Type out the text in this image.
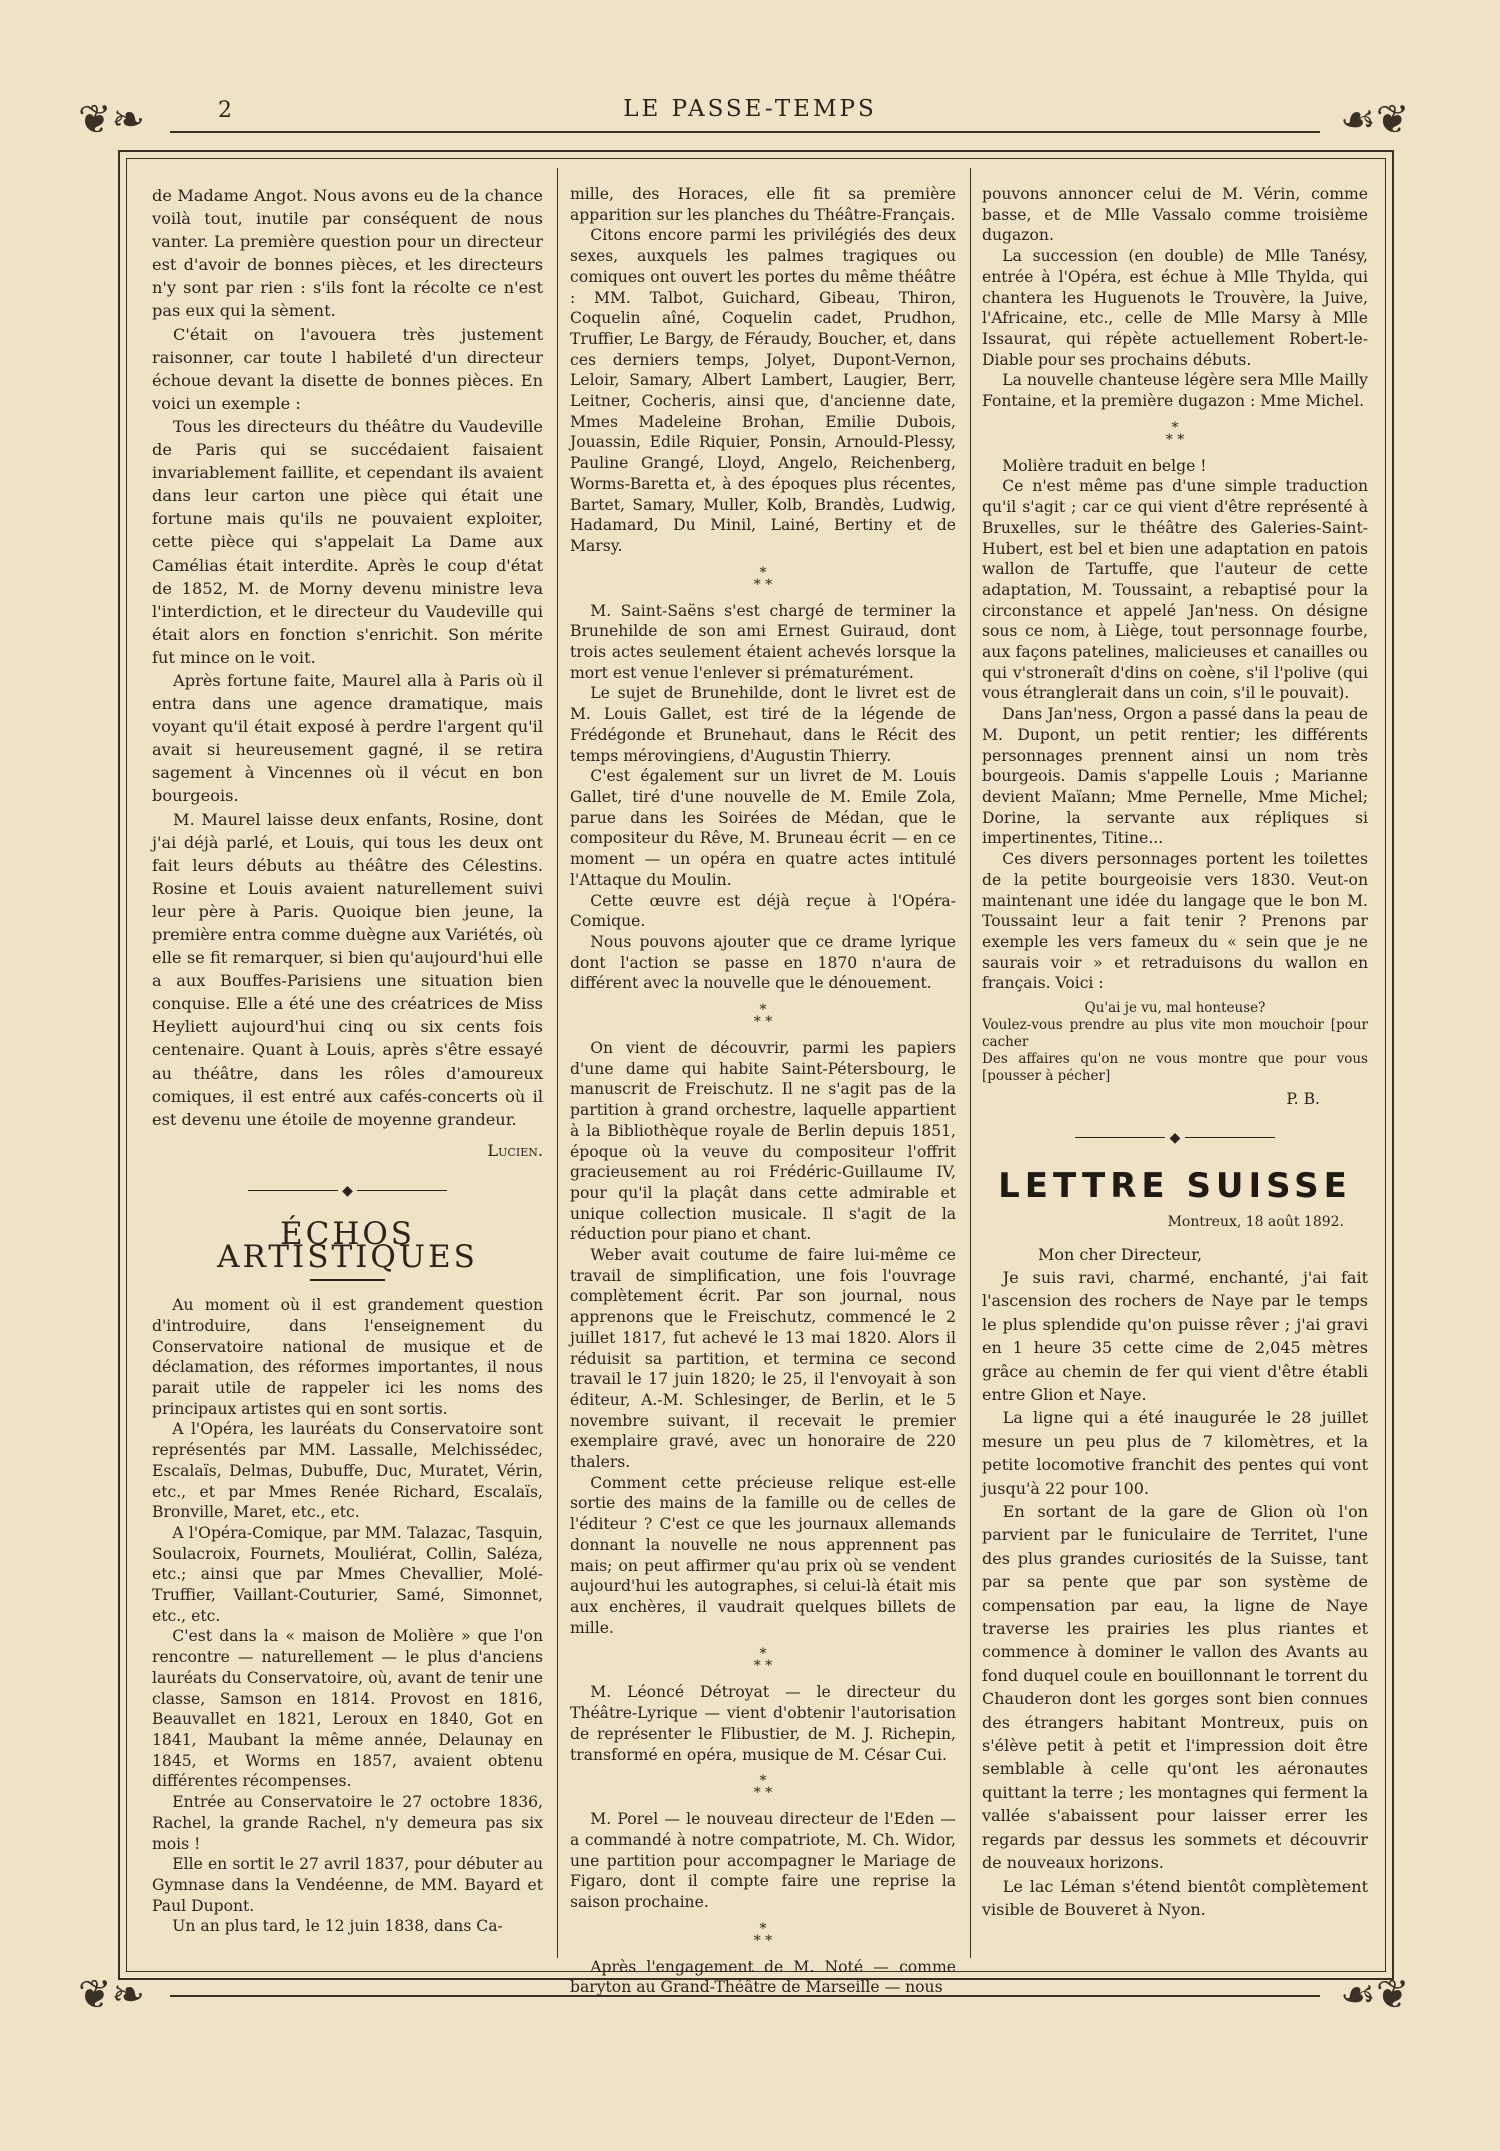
2	LE PASSE-TEMPS
❦❧	☙❦
❦❧	☙❦

de Madame Angot. Nous avons eu de la chance voilà tout, inutile par conséquent de nous vanter. La première question pour un directeur est d'avoir de bonnes pièces, et les directeurs n'y sont par rien : s'ils font la récolte ce n'est pas eux qui la sèment.

C'était on l'avouera très justement raisonner, car toute l habileté d'un directeur échoue devant la disette de bonnes pièces. En voici un exemple :

Tous les directeurs du théâtre du Vaudeville de Paris qui se succédaient faisaient invariablement faillite, et cependant ils avaient dans leur carton une pièce qui était une fortune mais qu'ils ne pouvaient exploiter, cette pièce qui s'appelait La Dame aux Camélias était interdite. Après le coup d'état de 1852, M. de Morny devenu ministre leva l'interdiction, et le directeur du Vaudeville qui était alors en fonction s'enrichit. Son mérite fut mince on le voit.

Après fortune faite, Maurel alla à Paris où il entra dans une agence dramatique, mais voyant qu'il était exposé à perdre l'argent qu'il avait si heureusement gagné, il se retira sagement à Vincennes où il vécut en bon bourgeois.

M. Maurel laisse deux enfants, Rosine, dont j'ai déjà parlé, et Louis, qui tous les deux ont fait leurs débuts au théâtre des Célestins. Rosine et Louis avaient naturellement suivi leur père à Paris. Quoique bien jeune, la première entra comme duègne aux Variétés, où elle se fit remarquer, si bien qu'aujourd'hui elle a aux Bouffes-Parisiens une situation bien conquise. Elle a été une des créatrices de Miss Heyliett aujourd'hui cinq ou six cents fois centenaire. Quant à Louis, après s'être essayé au théâtre, dans les rôles d'amoureux comiques, il est entré aux cafés-concerts où il est devenu une étoile de moyenne grandeur.

Lucien.

◆
ÉCHOS ARTISTIQUES

Au moment où il est grandement question d'introduire, dans l'enseignement du Conservatoire national de musique et de déclamation, des réformes importantes, il nous parait utile de rappeler ici les noms des principaux artistes qui en sont sortis.

A l'Opéra, les lauréats du Conservatoire sont représentés par MM. Lassalle, Melchissédec, Escalaïs, Delmas, Dubuffe, Duc, Muratet, Vérin, etc., et par Mmes Renée Richard, Escalaïs, Bronville, Maret, etc., etc.

A l'Opéra-Comique, par MM. Talazac, Tasquin, Soulacroix, Fournets, Mouliérat, Collin, Saléza, etc.; ainsi que par Mmes Chevallier, Molé-Truffier, Vaillant-Couturier, Samé, Simonnet, etc., etc.

C'est dans la « maison de Molière » que l'on rencontre — naturellement — le plus d'anciens lauréats du Conservatoire, où, avant de tenir une classe, Samson en 1814. Provost en 1816, Beauvallet en 1821, Leroux en 1840, Got en 1841, Maubant la même année, Delaunay en 1845, et Worms en 1857, avaient obtenu différentes récompenses.

Entrée au Conservatoire le 27 octobre 1836, Rachel, la grande Rachel, n'y demeura pas six mois !

Elle en sortit le 27 avril 1837, pour débuter au Gymnase dans la Vendéenne, de MM. Bayard et Paul Dupont.

Un an plus tard, le 12 juin 1838, dans Ca-

mille, des Horaces, elle fit sa première apparition sur les planches du Théâtre-Français.

Citons encore parmi les privilégiés des deux sexes, auxquels les palmes tragiques ou comiques ont ouvert les portes du même théâtre : MM. Talbot, Guichard, Gibeau, Thiron, Coquelin aîné, Coquelin cadet, Prudhon, Truffier, Le Bargy, de Féraudy, Boucher, et, dans ces derniers temps, Jolyet, Dupont-Vernon, Leloir, Samary, Albert Lambert, Laugier, Berr, Leitner, Cocheris, ainsi que, d'ancienne date, Mmes Madeleine Brohan, Emilie Dubois, Jouassin, Edile Riquier, Ponsin, Arnould-Plessy, Pauline Grangé, Lloyd, Angelo, Reichenberg, Worms-Baretta et, à des époques plus récentes, Bartet, Samary, Muller, Kolb, Brandès, Ludwig, Hadamard, Du Minil, Lainé, Bertiny et de Marsy.

*
* *

M. Saint-Saëns s'est chargé de terminer la Brunehilde de son ami Ernest Guiraud, dont trois actes seulement étaient achevés lorsque la mort est venue l'enlever si prématurément.

Le sujet de Brunehilde, dont le livret est de M. Louis Gallet, est tiré de la légende de Frédégonde et Brunehaut, dans le Récit des temps mérovingiens, d'Augustin Thierry.

C'est également sur un livret de M. Louis Gallet, tiré d'une nouvelle de M. Emile Zola, parue dans les Soirées de Médan, que le compositeur du Rêve, M. Bruneau écrit — en ce moment — un opéra en quatre actes intitulé l'Attaque du Moulin.

Cette œuvre est déjà reçue à l'Opéra-Comique.

Nous pouvons ajouter que ce drame lyrique dont l'action se passe en 1870 n'aura de différent avec la nouvelle que le dénouement.

*
* *

On vient de découvrir, parmi les papiers d'une dame qui habite Saint-Pétersbourg, le manuscrit de Freischutz. Il ne s'agit pas de la partition à grand orchestre, laquelle appartient à la Bibliothèque royale de Berlin depuis 1851, époque où la veuve du compositeur l'offrit gracieusement au roi Frédéric-Guillaume IV, pour qu'il la plaçât dans cette admirable et unique collection musicale. Il s'agit de la réduction pour piano et chant.

Weber avait coutume de faire lui-même ce travail de simplification, une fois l'ouvrage complètement écrit. Par son journal, nous apprenons que le Freischutz, commencé le 2 juillet 1817, fut achevé le 13 mai 1820. Alors il réduisit sa partition, et termina ce second travail le 17 juin 1820; le 25, il l'envoyait à son éditeur, A.-M. Schlesinger, de Berlin, et le 5 novembre suivant, il recevait le premier exemplaire gravé, avec un honoraire de 220 thalers.

Comment cette précieuse relique est-elle sortie des mains de la famille ou de celles de l'éditeur ? C'est ce que les journaux allemands donnant la nouvelle ne nous apprennent pas mais; on peut affirmer qu'au prix où se vendent aujourd'hui les autographes, si celui-là était mis aux enchères, il vaudrait quelques billets de mille.

*
* *

M. Léoncé Détroyat — le directeur du Théâtre-Lyrique — vient d'obtenir l'autorisation de représenter le Flibustier, de M. J. Richepin, transformé en opéra, musique de M. César Cui.

*
* *

M. Porel — le nouveau directeur de l'Eden — a commandé à notre compatriote, M. Ch. Widor, une partition pour accompagner le Mariage de Figaro, dont il compte faire une reprise la saison prochaine.

*
* *

Après l'engagement de M. Noté — comme baryton au Grand-Théâtre de Marseille — nous

pouvons annoncer celui de M. Vérin, comme basse, et de Mlle Vassalo comme troisième dugazon.

La succession (en double) de Mlle Tanésy, entrée à l'Opéra, est échue à Mlle Thylda, qui chantera les Huguenots le Trouvère, la Juive, l'Africaine, etc., celle de Mlle Marsy à Mlle Issaurat, qui répète actuellement Robert-le-Diable pour ses prochains débuts.

La nouvelle chanteuse légère sera Mlle Mailly Fontaine, et la première dugazon : Mme Michel.

*
* *

Molière traduit en belge !

Ce n'est même pas d'une simple traduction qu'il s'agit ; car ce qui vient d'être représenté à Bruxelles, sur le théâtre des Galeries-Saint-Hubert, est bel et bien une adaptation en patois wallon de Tartuffe, que l'auteur de cette adaptation, M. Toussaint, a rebaptisé pour la circonstance et appelé Jan'ness. On désigne sous ce nom, à Liège, tout personnage fourbe, aux façons patelines, malicieuses et canailles ou qui v'stroneraît d'dins on coène, s'il l'polive (qui vous étranglerait dans un coin, s'il le pouvait).

Dans Jan'ness, Orgon a passé dans la peau de M. Dupont, un petit rentier; les différents personnages prennent ainsi un nom très bourgeois. Damis s'appelle Louis ; Marianne devient Maïann; Mme Pernelle, Mme Michel; Dorine, la servante aux répliques si impertinentes, Titine...

Ces divers personnages portent les toilettes de la petite bourgeoisie vers 1830. Veut-on maintenant une idée du langage que le bon M. Toussaint leur a fait tenir ? Prenons par exemple les vers fameux du « sein que je ne saurais voir » et retraduisons du wallon en français. Voici :

Qu'ai je vu, mal honteuse?
Voulez-vous prendre au plus vite mon mouchoir [pour cacher
Des affaires qu'on ne vous montre que pour vous [pousser à pécher]

P. B.

◆
LETTRE SUISSE

Montreux, 18 août 1892.

Mon cher Directeur,

Je suis ravi, charmé, enchanté, j'ai fait l'ascension des rochers de Naye par le temps le plus splendide qu'on puisse rêver ; j'ai gravi en 1 heure 35 cette cime de 2,045 mètres grâce au chemin de fer qui vient d'être établi entre Glion et Naye.

La ligne qui a été inaugurée le 28 juillet mesure un peu plus de 7 kilomètres, et la petite locomotive franchit des pentes qui vont jusqu'à 22 pour 100.

En sortant de la gare de Glion où l'on parvient par le funiculaire de Territet, l'une des plus grandes curiosités de la Suisse, tant par sa pente que par son système de compensation par eau, la ligne de Naye traverse les prairies les plus riantes et commence à dominer le vallon des Avants au fond duquel coule en bouillonnant le torrent du Chauderon dont les gorges sont bien connues des étrangers habitant Montreux, puis on s'élève petit à petit et l'impression doit être semblable à celle qu'ont les aéronautes quittant la terre ; les montagnes qui ferment la vallée s'abaissent pour laisser errer les regards par dessus les sommets et découvrir de nouveaux horizons.

Le lac Léman s'étend bientôt complètement visible de Bouveret à Nyon.
